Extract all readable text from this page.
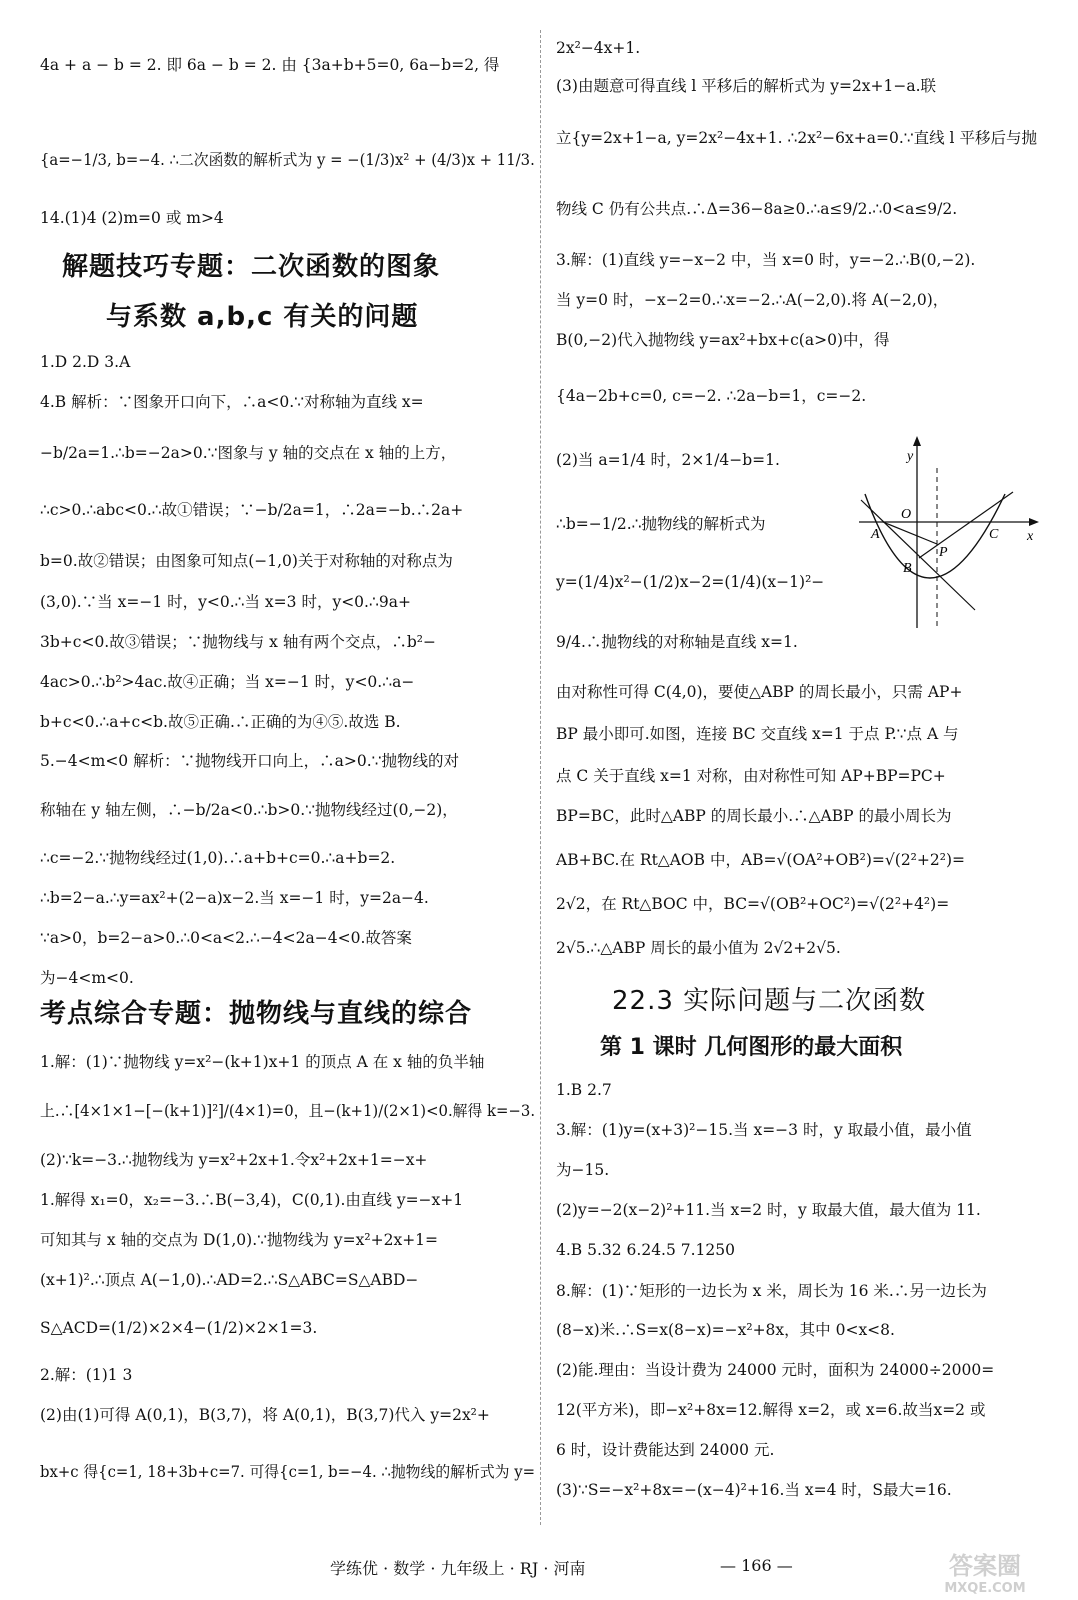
4a + a − b = 2. 即 6a − b = 2. 由 {3a+b+5=0, 6a−b=2, 得
{a=−1/3, b=−4. ∴二次函数的解析式为 y = −(1/3)x² + (4/3)x + 11/3.
14.(1)4 (2)m=0 或 m>4
解题技巧专题：二次函数的图象
与系数 a,b,c 有关的问题
1.D 2.D 3.A
4.B 解析：∵图象开口向下，∴a<0.∵对称轴为直线 x=
−b/2a=1.∴b=−2a>0.∵图象与 y 轴的交点在 x 轴的上方，
∴c>0.∴abc<0.∴故①错误；∵−b/2a=1，∴2a=−b.∴2a+
b=0.故②错误；由图象可知点(−1,0)关于对称轴的对称点为
(3,0).∵当 x=−1 时，y<0.∴当 x=3 时，y<0.∴9a+
3b+c<0.故③错误；∵抛物线与 x 轴有两个交点，∴b²−
4ac>0.∴b²>4ac.故④正确；当 x=−1 时，y<0.∴a−
b+c<0.∴a+c<b.故⑤正确.∴正确的为④⑤.故选 B.
5.−4<m<0 解析：∵抛物线开口向上，∴a>0.∵抛物线的对
称轴在 y 轴左侧，∴−b/2a<0.∴b>0.∵抛物线经过(0,−2)，
∴c=−2.∵抛物线经过(1,0).∴a+b+c=0.∴a+b=2.
∴b=2−a.∴y=ax²+(2−a)x−2.当 x=−1 时，y=2a−4.
∵a>0，b=2−a>0.∴0<a<2.∴−4<2a−4<0.故答案
为−4<m<0.
考点综合专题：抛物线与直线的综合
1.解：(1)∵抛物线 y=x²−(k+1)x+1 的顶点 A 在 x 轴的负半轴
上.∴[4×1×1−[−(k+1)]²]/(4×1)=0，且−(k+1)/(2×1)<0.解得 k=−3.
(2)∵k=−3.∴抛物线为 y=x²+2x+1.令x²+2x+1=−x+
1.解得 x₁=0，x₂=−3.∴B(−3,4)，C(0,1).由直线 y=−x+1
可知其与 x 轴的交点为 D(1,0).∵抛物线为 y=x²+2x+1=
(x+1)².∴顶点 A(−1,0).∴AD=2.∴S△ABC=S△ABD−
S△ACD=(1/2)×2×4−(1/2)×2×1=3.
2.解：(1)1 3
(2)由(1)可得 A(0,1)，B(3,7)，将 A(0,1)，B(3,7)代入 y=2x²+
bx+c 得{c=1, 18+3b+c=7. 可得{c=1, b=−4. ∴抛物线的解析式为 y=
2x²−4x+1.
(3)由题意可得直线 l 平移后的解析式为 y=2x+1−a.联
立{y=2x+1−a, y=2x²−4x+1. ∴2x²−6x+a=0.∵直线 l 平移后与抛
物线 C 仍有公共点.∴Δ=36−8a≥0.∴a≤9/2.∴0<a≤9/2.
3.解：(1)直线 y=−x−2 中，当 x=0 时，y=−2.∴B(0,−2).
当 y=0 时，−x−2=0.∴x=−2.∴A(−2,0).将 A(−2,0)，
B(0,−2)代入抛物线 y=ax²+bx+c(a>0)中，得
{4a−2b+c=0, c=−2. ∴2a−b=1，c=−2.
(2)当 a=1/4 时，2×1/4−b=1.
∴b=−1/2.∴抛物线的解析式为
y=(1/4)x²−(1/2)x−2=(1/4)(x−1)²−
9/4.∴抛物线的对称轴是直线 x=1.
由对称性可得 C(4,0)，要使△ABP 的周长最小，只需 AP+
BP 最小即可.如图，连接 BC 交直线 x=1 于点 P.∵点 A 与
点 C 关于直线 x=1 对称，由对称性可知 AP+BP=PC+
BP=BC，此时△ABP 的周长最小.∴△ABP 的最小周长为
AB+BC.在 Rt△AOB 中，AB=√(OA²+OB²)=√(2²+2²)=
2√2，在 Rt△BOC 中，BC=√(OB²+OC²)=√(2²+4²)=
2√5.∴△ABP 周长的最小值为 2√2+2√5.
22.3 实际问题与二次函数
第 1 课时 几何图形的最大面积
1.B 2.7
3.解：(1)y=(x+3)²−15.当 x=−3 时，y 取最小值，最小值
为−15.
(2)y=−2(x−2)²+11.当 x=2 时，y 取最大值，最大值为 11.
4.B 5.32 6.24.5 7.1250
8.解：(1)∵矩形的一边长为 x 米，周长为 16 米.∴另一边长为
(8−x)米.∴S=x(8−x)=−x²+8x，其中 0<x<8.
(2)能.理由：当设计费为 24000 元时，面积为 24000÷2000=
12(平方米)，即−x²+8x=12.解得 x=2，或 x=6.故当x=2 或
6 时，设计费能达到 24000 元.
(3)∵S=−x²+8x=−(x−4)²+16.当 x=4 时，S最大=16.
y
x
O
A
B
C
P
学练优 · 数学 · 九年级上 · RJ · 河南	— 166 —	答案圈
MXQE.COM
